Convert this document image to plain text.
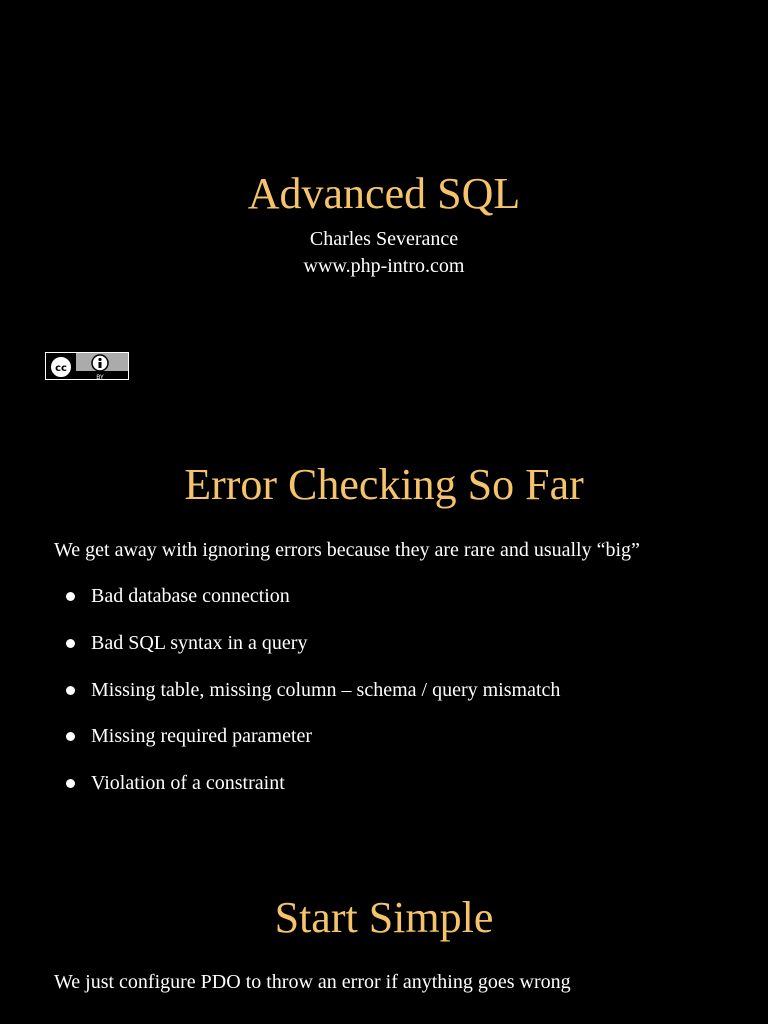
Advanced SQL
Charles Severance
www.php-intro.com
cc
BY
Error Checking So Far
We get away with ignoring errors because they are rare and usually “big”
Bad database connection
Bad SQL syntax in a query
Missing table, missing column – schema / query mismatch
Missing required parameter
Violation of a constraint
Start Simple
We just configure PDO to throw an error if anything goes wrong
